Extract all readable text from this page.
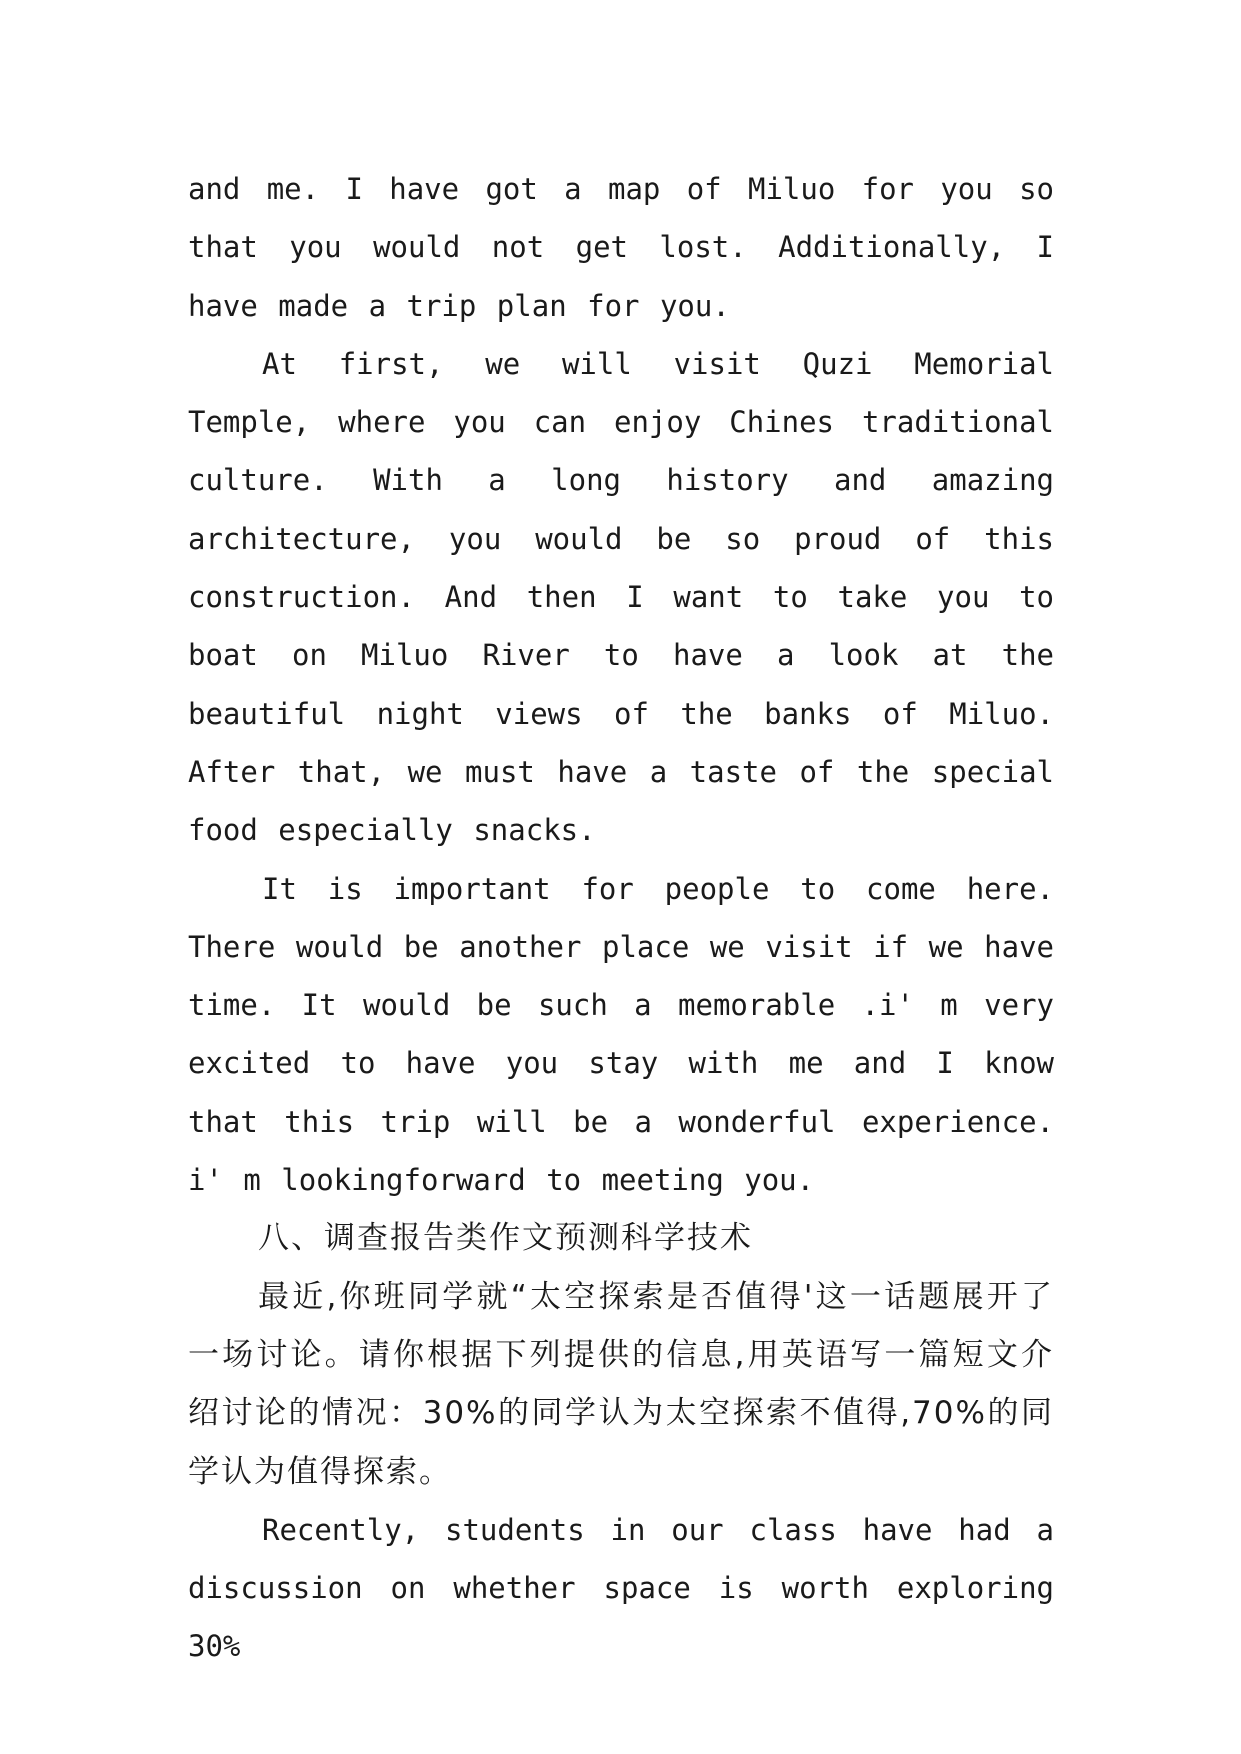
and me. I have got a map of Miluo for you so that you would not get lost. Additionally, I have made a trip plan for you.

At first, we will visit Quzi Memorial Temple, where you can enjoy Chines traditional culture. With a long history and amazing architecture, you would be so proud of this construction. And then I want to take you to boat on Miluo River to have a look at the beautiful night views of the banks of Miluo. After that, we must have a taste of the special food especially snacks.

It is important for people to come here. There would be another place we visit if we have time. It would be such a memorable .i' m very excited to have you stay with me and I know that this trip will be a wonderful experience. i' m lookingforward to meeting you.

八、调查报告类作文预测科学技术

最近,你班同学就“太空探索是否值得'这一话题展开了一场讨论。请你根据下列提供的信息,用英语写一篇短文介绍讨论的情况：30%的同学认为太空探索不值得,70%的同学认为值得探索。

Recently, students in our class have had a discussion on whether space is worth exploring 30%
